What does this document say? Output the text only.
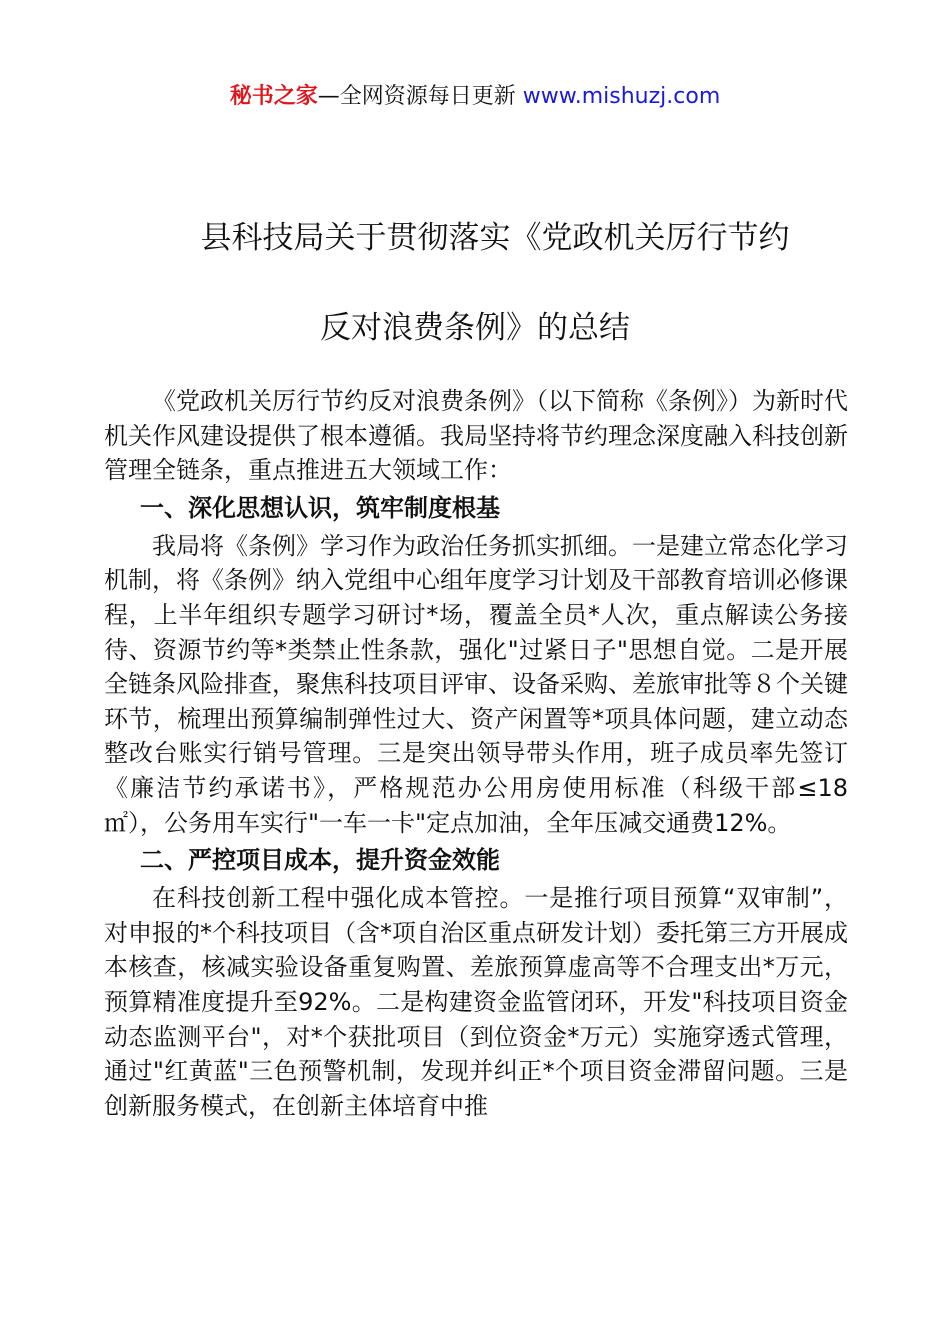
秘书之家—全网资源每日更新 www.mishuzj.com
县科技局关于贯彻落实《党政机关厉行节约
反对浪费条例》的总结

《党政机关厉行节约反对浪费条例》（以下简称《条例》）为新时代机关作风建设提供了根本遵循。我局坚持将节约理念深度融入科技创新管理全链条，重点推进五大领域工作：

一、深化思想认识，筑牢制度根基

我局将《条例》学习作为政治任务抓实抓细。一是建立常态化学习机制，将《条例》纳入党组中心组年度学习计划及干部教育培训必修课程，上半年组织专题学习研讨*场，覆盖全员*人次，重点解读公务接待、资源节约等*类禁止性条款，强化"过紧日子"思想自觉。二是开展全链条风险排查，聚焦科技项目评审、设备采购、差旅审批等８个关键环节，梳理出预算编制弹性过大、资产闲置等*项具体问题，建立动态整改台账实行销号管理。三是突出领导带头作用，班子成员率先签订《廉洁节约承诺书》，严格规范办公用房使用标准（科级干部≤18㎡），公务用车实行"一车一卡"定点加油，全年压减交通费12%。

二、严控项目成本，提升资金效能

在科技创新工程中强化成本管控。一是推行项目预算“双审制”，对申报的*个科技项目（含*项自治区重点研发计划）委托第三方开展成本核查，核减实验设备重复购置、差旅预算虚高等不合理支出*万元，预算精准度提升至92%。二是构建资金监管闭环，开发"科技项目资金动态监测平台"，对*个获批项目（到位资金*万元）实施穿透式管理，通过"红黄蓝"三色预警机制，发现并纠正*个项目资金滞留问题。三是创新服务模式，在创新主体培育中推
